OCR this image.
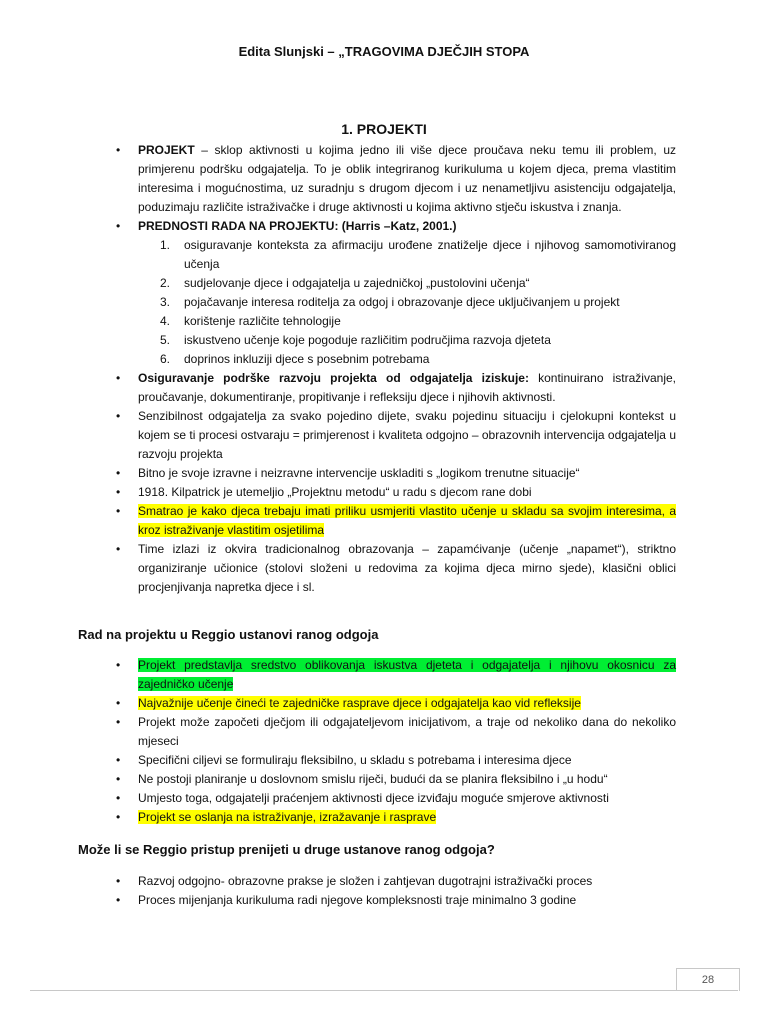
Edita Slunjski – „TRAGOVIMA DJEČJIH STOPA
1. PROJEKTI
•	PROJEKT – sklop aktivnosti u kojima jedno ili više djece proučava neku temu ili problem, uz primjerenu podršku odgajatelja. To je oblik integriranog kurikuluma u kojem djeca, prema vlastitim interesima i mogućnostima, uz suradnju s drugom djecom i uz nenametljivu asistenciju odgajatelja, poduzimaju različite istraživačke i druge aktivnosti u kojima aktivno stječu iskustva i znanja.
•	PREDNOSTI RADA NA PROJEKTU: (Harris –Katz, 2001.)
1. osiguravanje konteksta za afirmaciju urođene znatiželje djece i njihovog samomotiviranog učenja
2. sudjelovanje djece i odgajatelja u zajedničkoj „pustolovini učenja“
3. pojačavanje interesa roditelja za odgoj i obrazovanje djece uključivanjem u projekt
4. korištenje različite tehnologije
5. iskustveno učenje koje pogoduje različitim područjima razvoja djeteta
6. doprinos inkluziji djece s posebnim potrebama
•	Osiguravanje podrške razvoju projekta od odgajatelja iziskuje: kontinuirano istraživanje, proučavanje, dokumentiranje, propitivanje i refleksiju djece i njihovih aktivnosti.
•	Senzibilnost odgajatelja za svako pojedino dijete, svaku pojedinu situaciju i cjelokupni kontekst u kojem se ti procesi ostvaraju = primjerenost i kvaliteta odgojno – obrazovnih intervencija odgajatelja u razvoju projekta
•	Bitno je svoje izravne i neizravne intervencije uskladiti s „logikom trenutne situacije“
•	1918. Kilpatrick je utemeljio „Projektnu metodu“ u radu s djecom rane dobi
•	Smatrao je kako djeca trebaju imati priliku usmjeriti vlastito učenje u skladu sa svojim interesima, a kroz istraživanje vlastitim osjetilima
•	Time izlazi iz okvira tradicionalnog obrazovanja – zapamćivanje (učenje „napamet“), striktno organiziranje učionice (stolovi složeni u redovima za kojima djeca mirno sjede), klasični oblici procjenjivanja napretka djece i sl.
Rad na projektu u Reggio ustanovi ranog odgoja
•	Projekt predstavlja sredstvo oblikovanja iskustva djeteta i odgajatelja i njihovu okosnicu za zajedničko učenje
•	Najvažnije učenje čineći te zajedničke rasprave djece i odgajatelja kao vid refleksije
•	Projekt može započeti dječjom ili odgajateljevom inicijativom, a traje od nekoliko dana do nekoliko mjeseci
•	Specifični ciljevi se formuliraju fleksibilno, u skladu s potrebama i interesima djece
•	Ne postoji planiranje u doslovnom smislu riječi, budući da se planira fleksibilno i „u hodu“
•	Umjesto toga, odgajatelji praćenjem aktivnosti djece izviđaju moguće smjerove aktivnosti
•	Projekt se oslanja na istraživanje, izražavanje i rasprave
Može li se Reggio pristup prenijeti u druge ustanove ranog odgoja?
•	Razvoj odgojno- obrazovne prakse je složen i zahtjevan dugotrajni istraživački proces
•	Proces mijenjanja kurikuluma radi njegove kompleksnosti traje minimalno 3 godine
28
